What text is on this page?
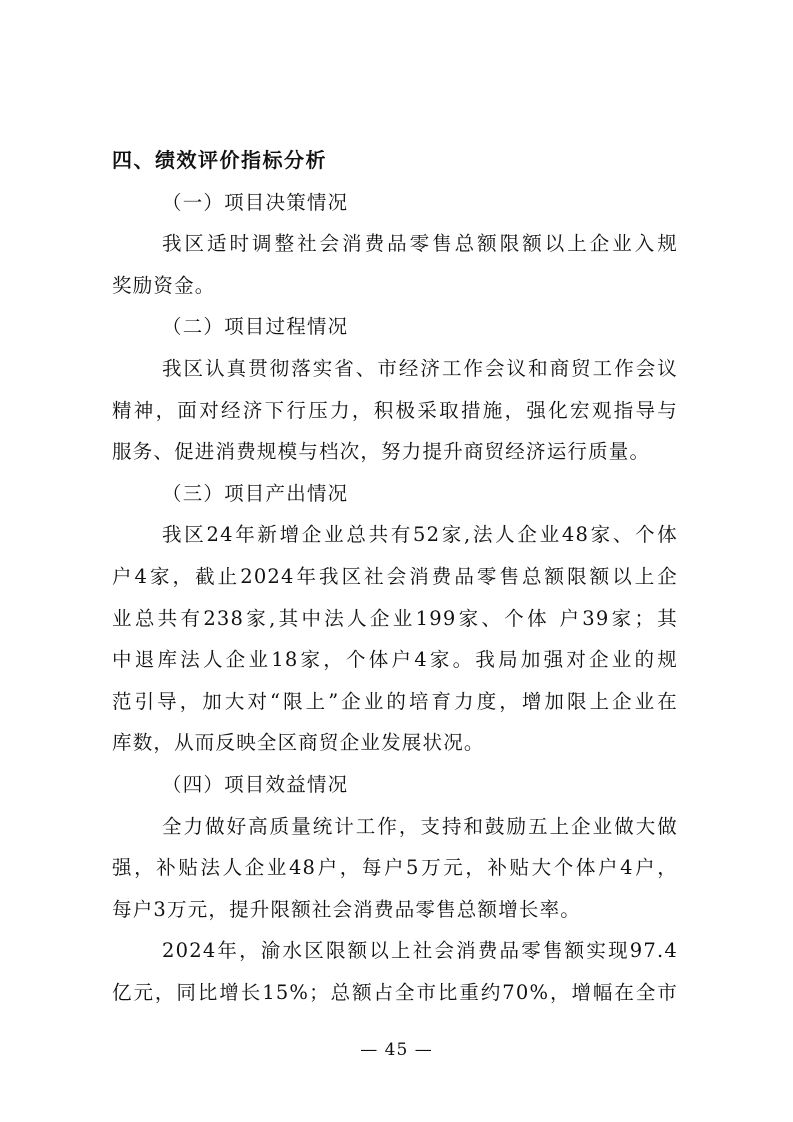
四、绩效评价指标分析
（一）项目决策情况
我区适时调整社会消费品零售总额限额以上企业入规
奖励资金。
（二）项目过程情况
我区认真贯彻落实省、市经济工作会议和商贸工作会议
精神，面对经济下行压力，积极采取措施，强化宏观指导与
服务、促进消费规模与档次，努力提升商贸经济运行质量。
（三）项目产出情况
我区24年新增企业总共有52家,法人企业48家、个体
户4家，截止2024年我区社会消费品零售总额限额以上企
业总共有238家,其中法人企业199家、个体 户39家；其
中退库法人企业18家，个体户4家。我局加强对企业的规
范引导，加大对“限上”企业的培育力度，增加限上企业在
库数，从而反映全区商贸企业发展状况。
（四）项目效益情况
全力做好高质量统计工作，支持和鼓励五上企业做大做
强，补贴法人企业48户，每户5万元，补贴大个体户4户，
每户3万元，提升限额社会消费品零售总额增长率。
2024年，渝水区限额以上社会消费品零售额实现97.4
亿元，同比增长15%；总额占全市比重约70%，增幅在全市
— 45 —
